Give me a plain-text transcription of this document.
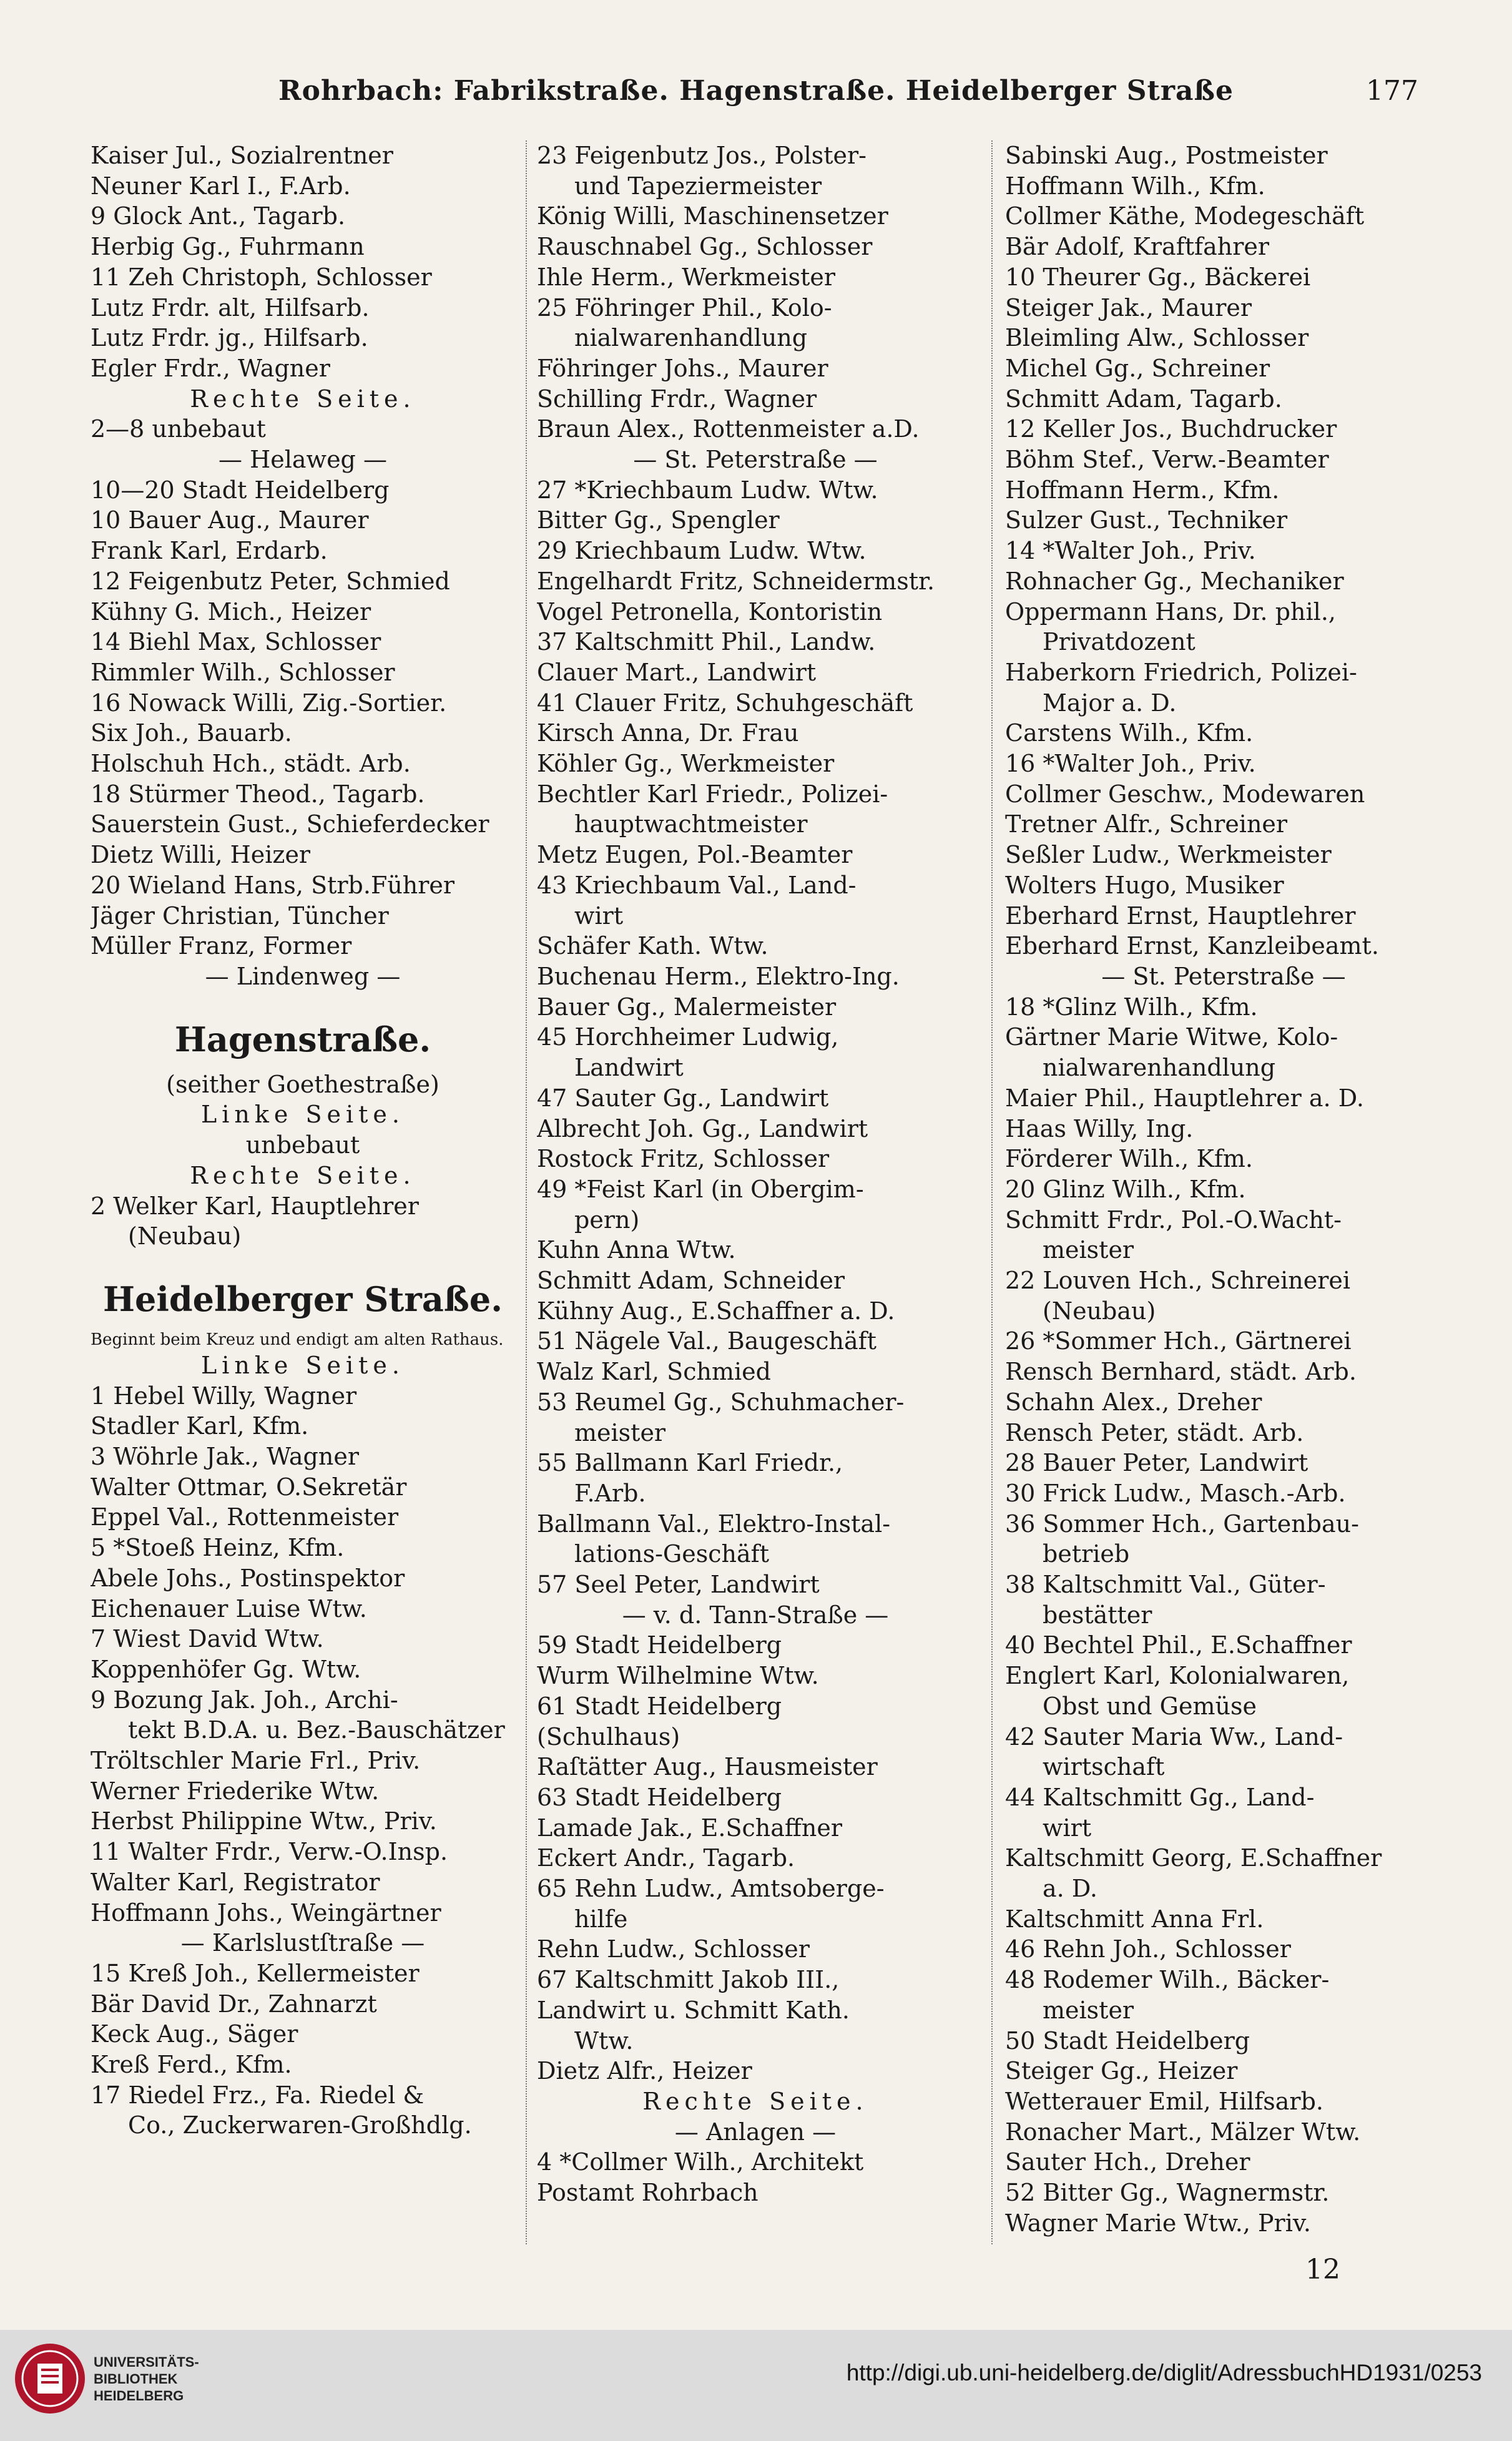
Rohrbach: Fabrikstraße. Hagenstraße. Heidelberger Straße	177
Kaiser Jul., Sozialrentner
Neuner Karl I., F.Arb.
9 Glock Ant., Tagarb.
Herbig Gg., Fuhrmann
11 Zeh Christoph, Schlosser
Lutz Frdr. alt, Hilfsarb.
Lutz Frdr. jg., Hilfsarb.
Egler Frdr., Wagner
Rechte Seite.
2—8 unbebaut
— Helaweg —
10—20 Stadt Heidelberg
10 Bauer Aug., Maurer
Frank Karl, Erdarb.
12 Feigenbutz Peter, Schmied
Kühny G. Mich., Heizer
14 Biehl Max, Schlosser
Rimmler Wilh., Schlosser
16 Nowack Willi, Zig.-Sortier.
Six Joh., Bauarb.
Holschuh Hch., städt. Arb.
18 Stürmer Theod., Tagarb.
Sauerstein Gust., Schieferdecker
Dietz Willi, Heizer
20 Wieland Hans, Strb.Führer
Jäger Christian, Tüncher
Müller Franz, Former
— Lindenweg —
Hagenstraße.
(seither Goethestraße)
Linke Seite.
unbebaut
Rechte Seite.
2 Welker Karl, Hauptlehrer
(Neubau)
Heidelberger Straße.
Beginnt beim Kreuz und endigt am alten Rathaus.
Linke Seite.
1 Hebel Willy, Wagner
Stadler Karl, Kfm.
3 Wöhrle Jak., Wagner
Walter Ottmar, O.Sekretär
Eppel Val., Rottenmeister
5 *Stoeß Heinz, Kfm.
Abele Johs., Postinspektor
Eichenauer Luise Wtw.
7 Wiest David Wtw.
Koppenhöfer Gg. Wtw.
9 Bozung Jak. Joh., Archi-
tekt B.D.A. u. Bez.-Bauschätzer
Tröltschler Marie Frl., Priv.
Werner Friederike Wtw.
Herbst Philippine Wtw., Priv.
11 Walter Frdr., Verw.-O.Insp.
Walter Karl, Registrator
Hoffmann Johs., Weingärtner
— Karlslustſtraße —
15 Kreß Joh., Kellermeister
Bär David Dr., Zahnarzt
Keck Aug., Säger
Kreß Ferd., Kfm.
17 Riedel Frz., Fa. Riedel &
Co., Zuckerwaren-Großhdlg.
23 Feigenbutz Jos., Polster-
und Tapeziermeister
König Willi, Maschinensetzer
Rauschnabel Gg., Schlosser
Ihle Herm., Werkmeister
25 Föhringer Phil., Kolo-
nialwarenhandlung
Föhringer Johs., Maurer
Schilling Frdr., Wagner
Braun Alex., Rottenmeister a.D.
— St. Peterstraße —
27 *Kriechbaum Ludw. Wtw.
Bitter Gg., Spengler
29 Kriechbaum Ludw. Wtw.
Engelhardt Fritz, Schneidermstr.
Vogel Petronella, Kontoristin
37 Kaltschmitt Phil., Landw.
Clauer Mart., Landwirt
41 Clauer Fritz, Schuhgeschäft
Kirsch Anna, Dr. Frau
Köhler Gg., Werkmeister
Bechtler Karl Friedr., Polizei-
hauptwachtmeister
Metz Eugen, Pol.-Beamter
43 Kriechbaum Val., Land-
wirt
Schäfer Kath. Wtw.
Buchenau Herm., Elektro-Ing.
Bauer Gg., Malermeister
45 Horchheimer Ludwig,
Landwirt
47 Sauter Gg., Landwirt
Albrecht Joh. Gg., Landwirt
Rostock Fritz, Schlosser
49 *Feist Karl (in Obergim-
pern)
Kuhn Anna Wtw.
Schmitt Adam, Schneider
Kühny Aug., E.Schaffner a. D.
51 Nägele Val., Baugeschäft
Walz Karl, Schmied
53 Reumel Gg., Schuhmacher-
meister
55 Ballmann Karl Friedr.,
F.Arb.
Ballmann Val., Elektro-Instal-
lations-Geschäft
57 Seel Peter, Landwirt
— v. d. Tann-Straße —
59 Stadt Heidelberg
Wurm Wilhelmine Wtw.
61 Stadt Heidelberg
(Schulhaus)
Raſtätter Aug., Hausmeister
63 Stadt Heidelberg
Lamade Jak., E.Schaffner
Eckert Andr., Tagarb.
65 Rehn Ludw., Amtsoberge-
hilfe
Rehn Ludw., Schlosser
67 Kaltschmitt Jakob III.,
Landwirt u. Schmitt Kath.
Wtw.
Dietz Alfr., Heizer
Rechte Seite.
— Anlagen —
4 *Collmer Wilh., Architekt
Postamt Rohrbach
Sabinski Aug., Postmeister
Hoffmann Wilh., Kfm.
Collmer Käthe, Modegeschäft
Bär Adolf, Kraftfahrer
10 Theurer Gg., Bäckerei
Steiger Jak., Maurer
Bleimling Alw., Schlosser
Michel Gg., Schreiner
Schmitt Adam, Tagarb.
12 Keller Jos., Buchdrucker
Böhm Stef., Verw.-Beamter
Hoffmann Herm., Kfm.
Sulzer Gust., Techniker
14 *Walter Joh., Priv.
Rohnacher Gg., Mechaniker
Oppermann Hans, Dr. phil.,
Privatdozent
Haberkorn Friedrich, Polizei-
Major a. D.
Carstens Wilh., Kfm.
16 *Walter Joh., Priv.
Collmer Geschw., Modewaren
Tretner Alfr., Schreiner
Seßler Ludw., Werkmeister
Wolters Hugo, Musiker
Eberhard Ernst, Hauptlehrer
Eberhard Ernst, Kanzleibeamt.
— St. Peterstraße —
18 *Glinz Wilh., Kfm.
Gärtner Marie Witwe, Kolo-
nialwarenhandlung
Maier Phil., Hauptlehrer a. D.
Haas Willy, Ing.
Förderer Wilh., Kfm.
20 Glinz Wilh., Kfm.
Schmitt Frdr., Pol.-O.Wacht-
meister
22 Louven Hch., Schreinerei
(Neubau)
26 *Sommer Hch., Gärtnerei
Rensch Bernhard, städt. Arb.
Schahn Alex., Dreher
Rensch Peter, städt. Arb.
28 Bauer Peter, Landwirt
30 Frick Ludw., Masch.-Arb.
36 Sommer Hch., Gartenbau-
betrieb
38 Kaltschmitt Val., Güter-
bestätter
40 Bechtel Phil., E.Schaffner
Englert Karl, Kolonialwaren,
Obst und Gemüse
42 Sauter Maria Ww., Land-
wirtschaft
44 Kaltschmitt Gg., Land-
wirt
Kaltschmitt Georg, E.Schaffner
a. D.
Kaltschmitt Anna Frl.
46 Rehn Joh., Schlosser
48 Rodemer Wilh., Bäcker-
meister
50 Stadt Heidelberg
Steiger Gg., Heizer
Wetterauer Emil, Hilfsarb.
Ronacher Mart., Mälzer Wtw.
Sauter Hch., Dreher
52 Bitter Gg., Wagnermstr.
Wagner Marie Wtw., Priv.
12
UNIVERSITÄTS-
BIBLIOTHEK
HEIDELBERG
http://digi.ub.uni-heidelberg.de/diglit/AdressbuchHD1931/0253
